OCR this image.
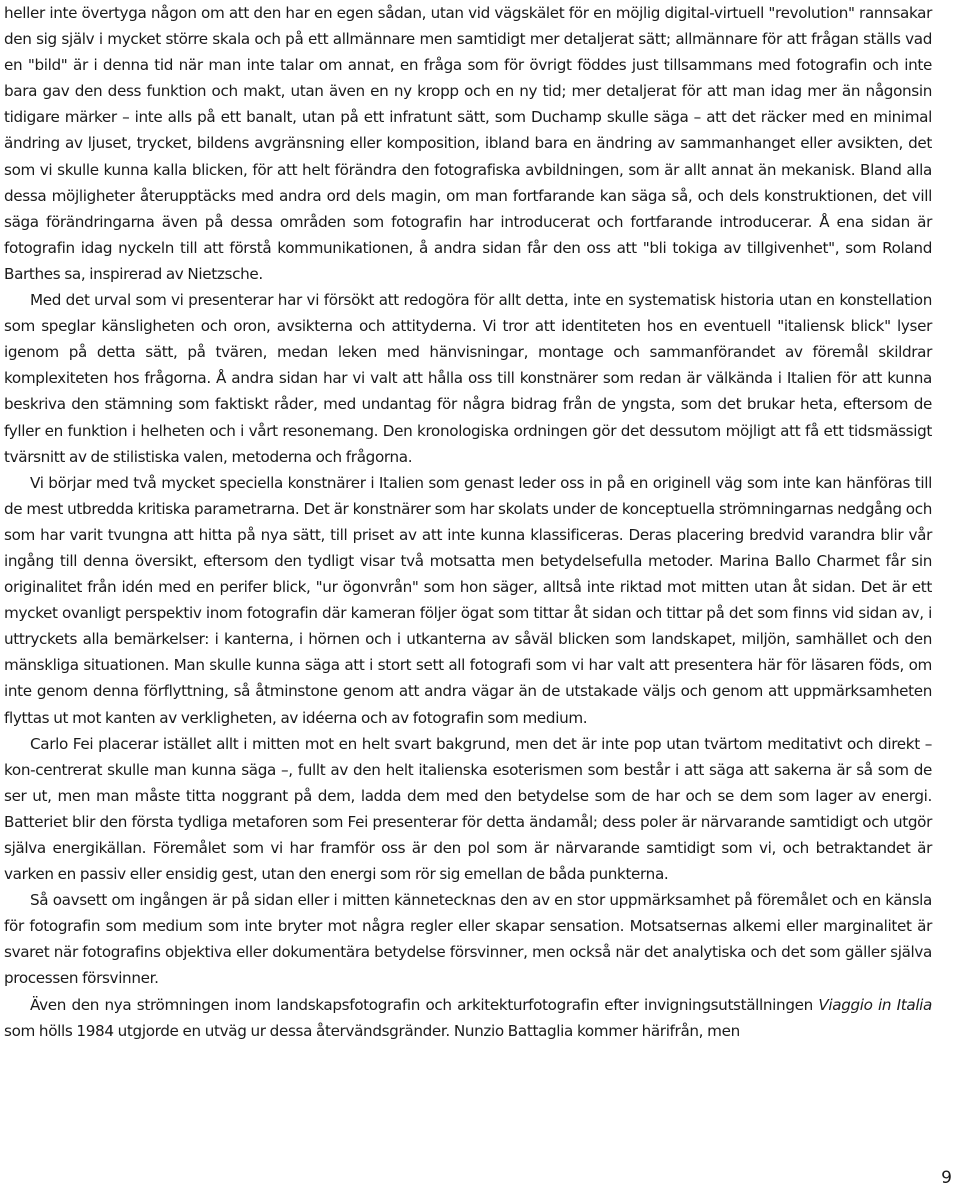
heller inte övertyga någon om att den har en egen sådan, utan vid vägskälet för en möjlig digital-virtuell "revolution" rannsakar den sig själv i mycket större skala och på ett allmännare men samtidigt mer detaljerat sätt; allmännare för att frågan ställs vad en "bild" är i denna tid när man inte talar om annat, en fråga som för övrigt föddes just tillsammans med fotografin och inte bara gav den dess funktion och makt, utan även en ny kropp och en ny tid; mer detaljerat för att man idag mer än någonsin tidigare märker – inte alls på ett banalt, utan på ett infratunt sätt, som Duchamp skulle säga – att det räcker med en minimal ändring av ljuset, trycket, bildens avgränsning eller komposition, ibland bara en ändring av sammanhanget eller avsikten, det som vi skulle kunna kalla blicken, för att helt förändra den fotografiska avbildningen, som är allt annat än mekanisk. Bland alla dessa möjligheter återupptäcks med andra ord dels magin, om man fortfarande kan säga så, och dels konstruktionen, det vill säga förändringarna även på dessa områden som fotografin har introducerat och fortfarande introducerar. Å ena sidan är fotografin idag nyckeln till att förstå kommunikationen, å andra sidan får den oss att "bli tokiga av tillgivenhet", som Roland Barthes sa, inspirerad av Nietzsche.

Med det urval som vi presenterar har vi försökt att redogöra för allt detta, inte en systematisk historia utan en konstellation som speglar känsligheten och oron, avsikterna och attityderna. Vi tror att identiteten hos en eventuell "italiensk blick" lyser igenom på detta sätt, på tvären, medan leken med hänvisningar, montage och sammanförandet av föremål skildrar komplexiteten hos frågorna. Å andra sidan har vi valt att hålla oss till konstnärer som redan är välkända i Italien för att kunna beskriva den stämning som faktiskt råder, med undantag för några bidrag från de yngsta, som det brukar heta, eftersom de fyller en funktion i helheten och i vårt resonemang. Den kronologiska ordningen gör det dessutom möjligt att få ett tidsmässigt tvärsnitt av de stilistiska valen, metoderna och frågorna.

Vi börjar med två mycket speciella konstnärer i Italien som genast leder oss in på en originell väg som inte kan hänföras till de mest utbredda kritiska parametrarna. Det är konstnärer som har skolats under de konceptuella strömningarnas nedgång och som har varit tvungna att hitta på nya sätt, till priset av att inte kunna klassificeras. Deras placering bredvid varandra blir vår ingång till denna översikt, eftersom den tydligt visar två motsatta men betydelsefulla metoder. Marina Ballo Charmet får sin originalitet från idén med en perifer blick, "ur ögonvrån" som hon säger, alltså inte riktad mot mitten utan åt sidan. Det är ett mycket ovanligt perspektiv inom fotografin där kameran följer ögat som tittar åt sidan och tittar på det som finns vid sidan av, i uttryckets alla bemärkelser: i kanterna, i hörnen och i utkanterna av såväl blicken som landskapet, miljön, samhället och den mänskliga situationen. Man skulle kunna säga att i stort sett all fotografi som vi har valt att presentera här för läsaren föds, om inte genom denna förflyttning, så åtminstone genom att andra vägar än de utstakade väljs och genom att uppmärksamheten flyttas ut mot kanten av verkligheten, av idéerna och av fotografin som medium.

Carlo Fei placerar istället allt i mitten mot en helt svart bakgrund, men det är inte pop utan tvärtom meditativt och direkt – kon-centrerat skulle man kunna säga –, fullt av den helt italienska esoterismen som består i att säga att sakerna är så som de ser ut, men man måste titta noggrant på dem, ladda dem med den betydelse som de har och se dem som lager av energi. Batteriet blir den första tydliga metaforen som Fei presenterar för detta ändamål; dess poler är närvarande samtidigt och utgör själva energikällan. Föremålet som vi har framför oss är den pol som är närvarande samtidigt som vi, och betraktandet är varken en passiv eller ensidig gest, utan den energi som rör sig emellan de båda punkterna.

Så oavsett om ingången är på sidan eller i mitten kännetecknas den av en stor uppmärksamhet på föremålet och en känsla för fotografin som medium som inte bryter mot några regler eller skapar sensation. Motsatsernas alkemi eller marginalitet är svaret när fotografins objektiva eller dokumentära betydelse försvinner, men också när det analytiska och det som gäller själva processen försvinner.

Även den nya strömningen inom landskapsfotografin och arkitekturfotografin efter invigningsutställningen Viaggio in Italia som hölls 1984 utgjorde en utväg ur dessa återvändsgränder. Nunzio Battaglia kommer härifrån, men

9
